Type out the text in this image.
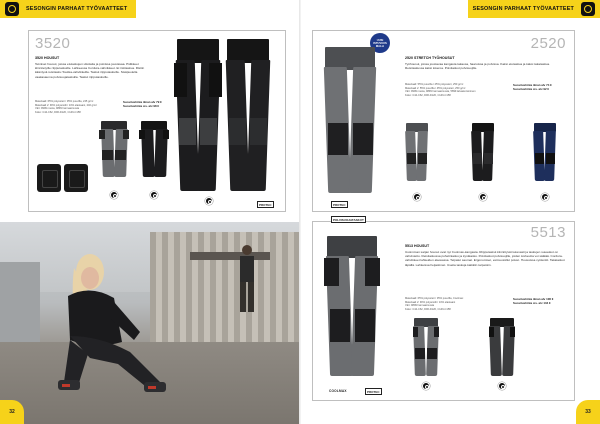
SESONGIN PARHAAT TYÖVAATTEET	SESONGIN PARHAAT TYÖVAATTEET
3520
3520 HOUSUT
Tekniset housut, joissa etutaskujen ulkolaita ja polvissa joustavaa. Pidikkeet kiinnitetyille riipputaskuille. Lahkeessa Cordura-vahvikkeet. Ei ristitaskua. Ristiin kääntyvä reisitasku Toukka-vahvikkeilla. Taskut riipputaskuille. Sisäpuolella vaakasauma polvisuojataskulla. Taskut riipputaskuille.
Materiaali: 65% polyesteri / 35% puuvilla, 245 g/m²
Materiaali 2: 90% polyamidi / 10% elastaani, 240 g/m²
Väri: 9999 musta, 9899 harmaa/musta
Koko: C44-C62, D96-D120, C146-C158
Suositushinta ilman alv 79 €
Suositushinta sis. alv 98 €
PROTEC
2520
UUSI ISTUVUUS MALLI
2520 STRETCH TYÖHOUSUT
Työhousut, joissa joustavaa kangasta takaosa, haaroissa ja polvissa. Kaksi etutaskua ja kaksi takataskua. Reisitaskussa kaksi lokeroa. Polvitaskut polvisuojille.
Materiaali: 55% puuvilla / 45% polyesteri, 250 g/m²
Materiaali 2: 55% puuvilla / 45% polyesteri, 250 g/m²
Väri: 9999 musta, 9899 harmaa/musta, 5899 laivastonsininen
Koko: C44-C62, D96-D120, C146-C158
Suositushinta ilman alv 74 €
Suositushinta sis. alv 92 €
PROTEC
5513
POLVISUOJATASKUT
5513 HOUSUT
Uusimman sarjan housut ovat nyt Coolmax-kangasta. Riipputaskut kiinnittyvät tukevasti ja taskujen suuaukot on vahvistettu. Reisitaskussa puhelintasku ja kynätasku. Polvitaskut polvisuojille, joiden korkeutta voi säätää. Cordura-vahvikkeet lahkeiden alaosassa. Teipatut saumat. Ergonomiset, esimuotoillut polvet. Housuissa vyölenkit. Takataskut läpällä. Lahkeissa heijastimet. Useita taskuja kaikkiin tarpeisiin.
Materiaali: 65% polyesteri / 35% puuvilla, Coolmax
Materiaali 2: 90% polyamidi / 10% elastaani
Väri: 9899 harmaa/musta
Koko: C44-C62, D96-D120, C146-C158
Suositushinta ilman alv 108 €
Suositushinta sis. alv 134 €
COOLMAX	PROTEC
32	33
